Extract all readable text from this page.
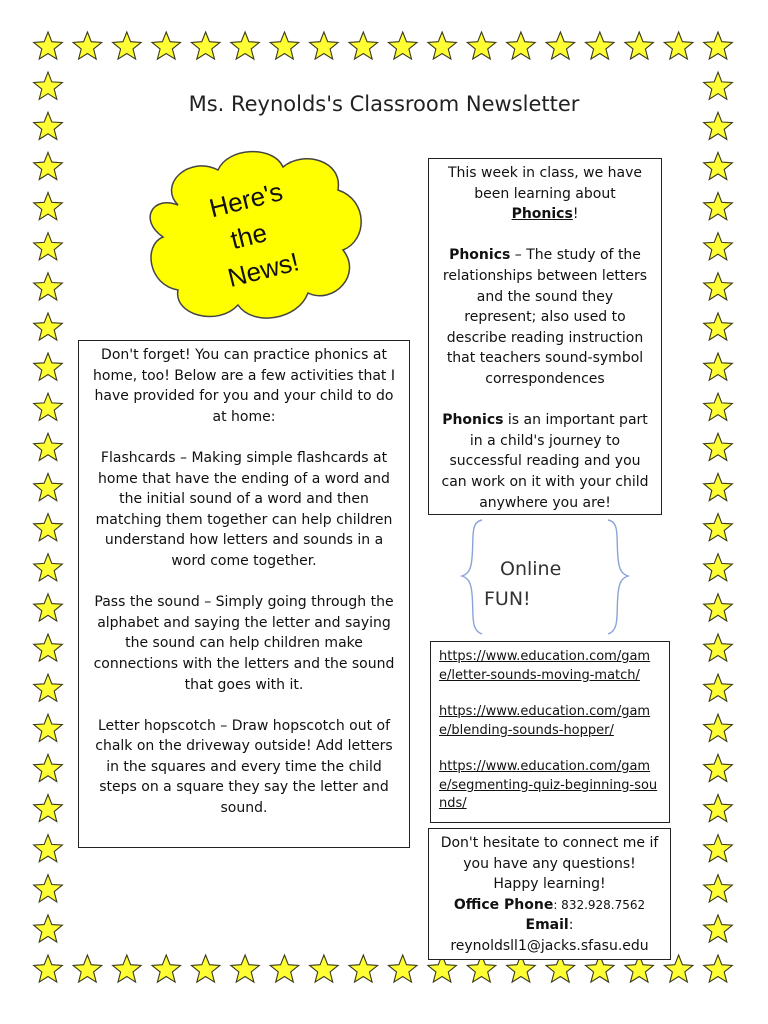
Ms. Reynolds's Classroom Newsletter
Here's
the
News!

Don't forget! You can practice phonics at home, too! Below are a few activities that I have provided for you and your child to do at home:

Flashcards – Making simple flashcards at home that have the ending of a word and the initial sound of a word and then matching them together can help children understand how letters and sounds in a word come together.

Pass the sound – Simply going through the alphabet and saying the letter and saying the sound can help children make connections with the letters and the sound that goes with it.

Letter hopscotch – Draw hopscotch out of chalk on the driveway outside! Add letters in the squares and every time the child steps on a square they say the letter and sound.

This week in class, we have been learning about Phonics!

Phonics – The study of the relationships between letters and the sound they represent; also used to describe reading instruction that teachers sound-symbol correspondences

Phonics is an important part in a child's journey to successful reading and you can work on it with your child anywhere you are!

Online
FUN!
https://www.education.com/game/letter-sounds-moving-match/
https://www.education.com/game/blending-sounds-hopper/
https://www.education.com/game/segmenting-quiz-beginning-sounds/

Don't hesitate to connect me if you have any questions!

Happy learning!

Office Phone: 832.928.7562

Email:

reynoldsll1@jacks.sfasu.edu
